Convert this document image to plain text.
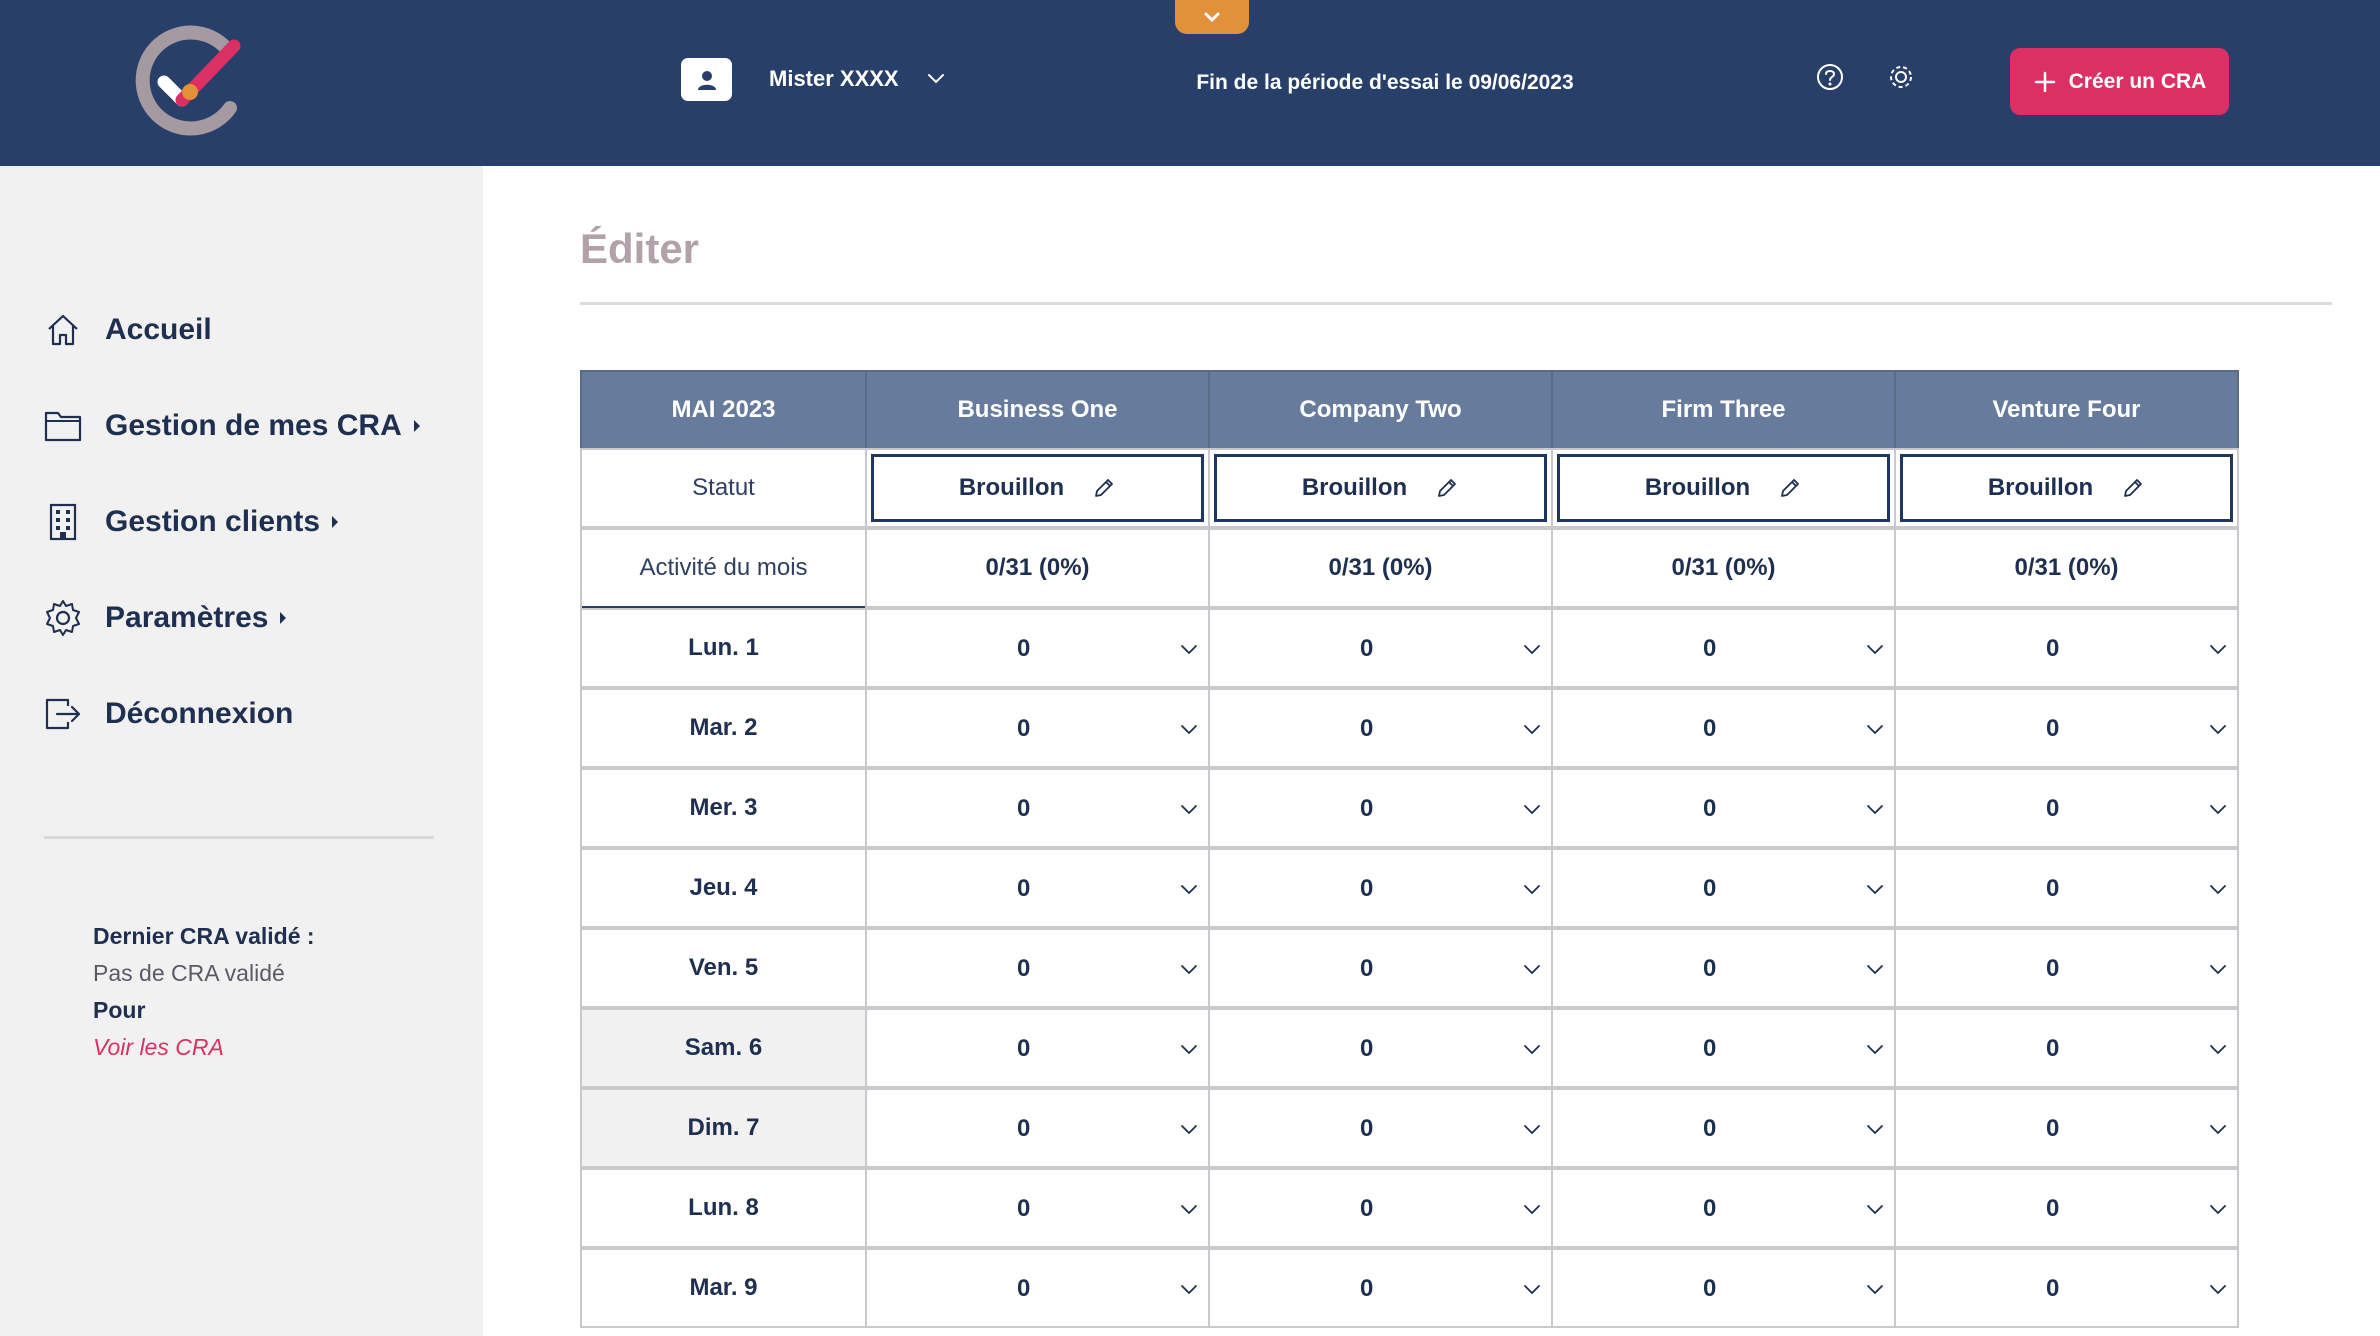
Mister XXXX	Fin de la période d'essai le 09/06/2023	Créer un CRA
Accueil
Gestion de mes CRA
Gestion clients
Paramètres
Déconnexion
Dernier CRA validé :
Pas de CRA validé
Pour
Voir les CRA
Éditer
MAI 2023	Business One	Company Two	Firm Three	Venture Four
Statut	Brouillon	Brouillon	Brouillon	Brouillon
Activité du mois	0/31 (0%)	0/31 (0%)	0/31 (0%)	0/31 (0%)
Lun. 1	0	0	0	0
Mar. 2	0	0	0	0
Mer. 3	0	0	0	0
Jeu. 4	0	0	0	0
Ven. 5	0	0	0	0
Sam. 6	0	0	0	0
Dim. 7	0	0	0	0
Lun. 8	0	0	0	0
Mar. 9	0	0	0	0
